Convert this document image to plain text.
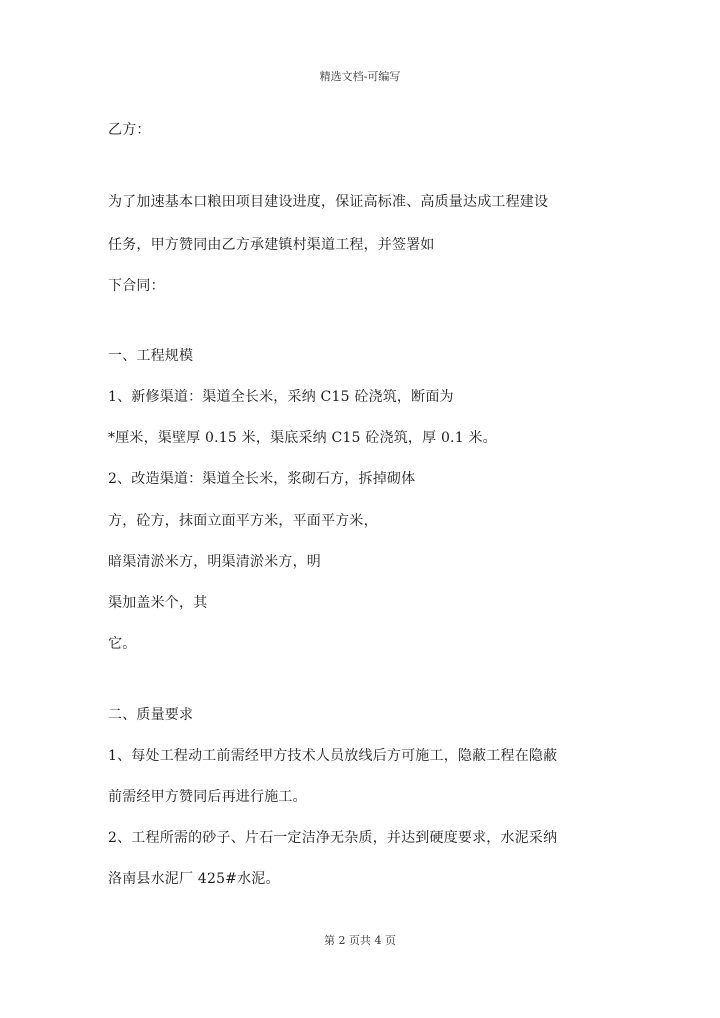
精选文档-可编写
乙方：
为了加速基本口粮田项目建设进度，保证高标准、高质量达成工程建设
任务，甲方赞同由乙方承建镇村渠道工程，并签署如
下合同：
一、工程规模
1、新修渠道：渠道全长米，采纳 C15 砼浇筑，断面为
*厘米，渠壁厚 0.15 米，渠底采纳 C15 砼浇筑，厚 0.1 米。
2、改造渠道：渠道全长米，浆砌石方，拆掉砌体
方，砼方，抹面立面平方米，平面平方米，
暗渠清淤米方，明渠清淤米方，明
渠加盖米个，其
它。
二、质量要求
1、每处工程动工前需经甲方技术人员放线后方可施工，隐蔽工程在隐蔽
前需经甲方赞同后再进行施工。
2、工程所需的砂子、片石一定洁净无杂质，并达到硬度要求，水泥采纳
洛南县水泥厂 425#水泥。
第 2 页共 4 页
